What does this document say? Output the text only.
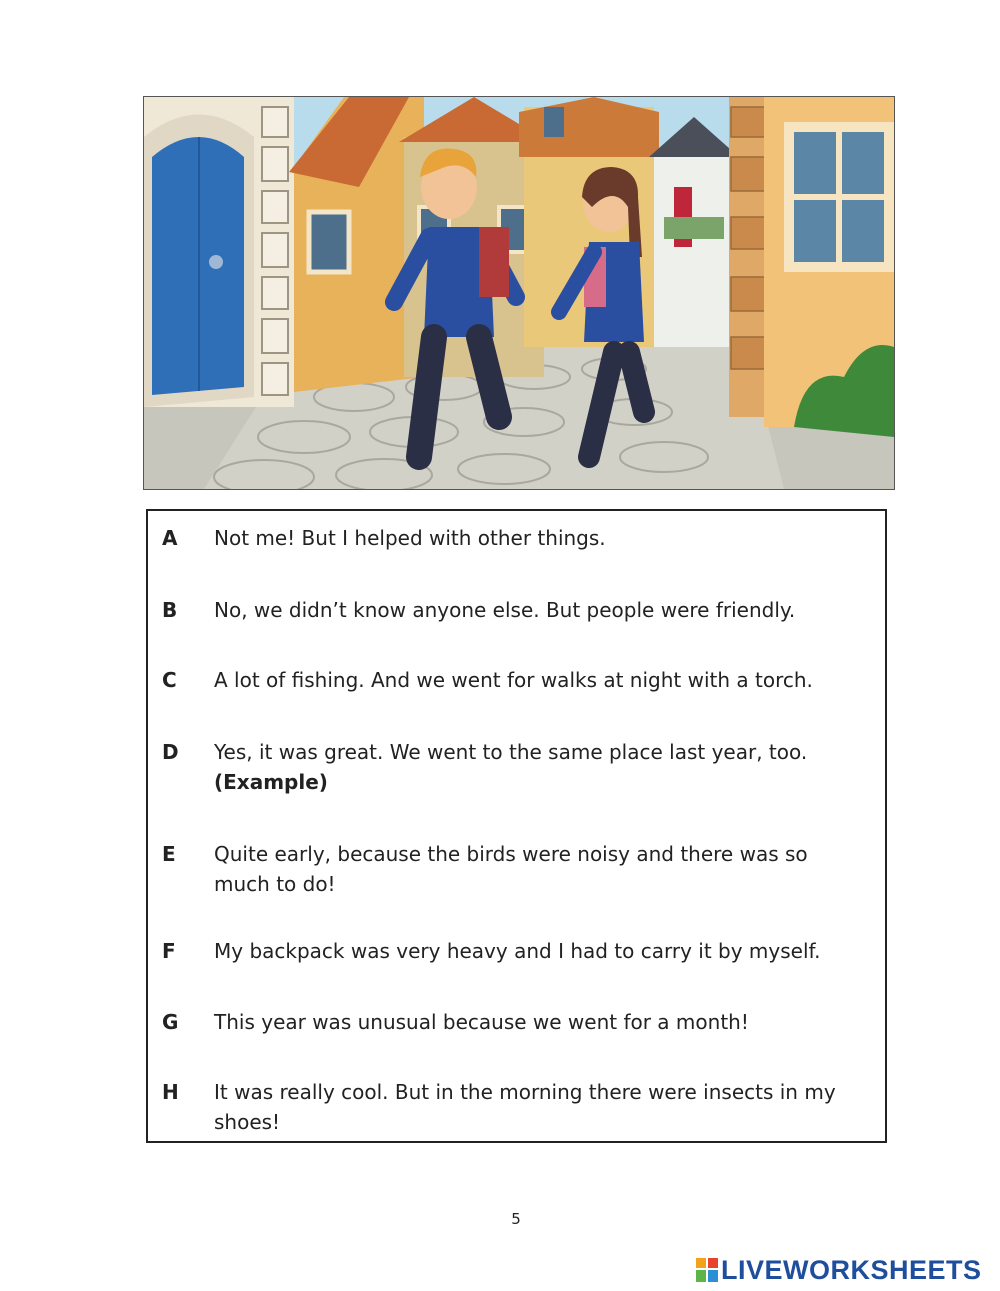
A	Not me! But I helped with other things.
B	No, we didn’t know anyone else. But people were friendly.
C	A lot of fishing. And we went for walks at night with a torch.
D	Yes, it was great. We went to the same place last year, too.
(Example)
E	Quite early, because the birds were noisy and there was so much to do!
F	My backpack was very heavy and I had to carry it by myself.
G	This year was unusual because we went for a month!
H	It was really cool. But in the morning there were insects in my shoes!
5
LIVEWORKSHEETS
